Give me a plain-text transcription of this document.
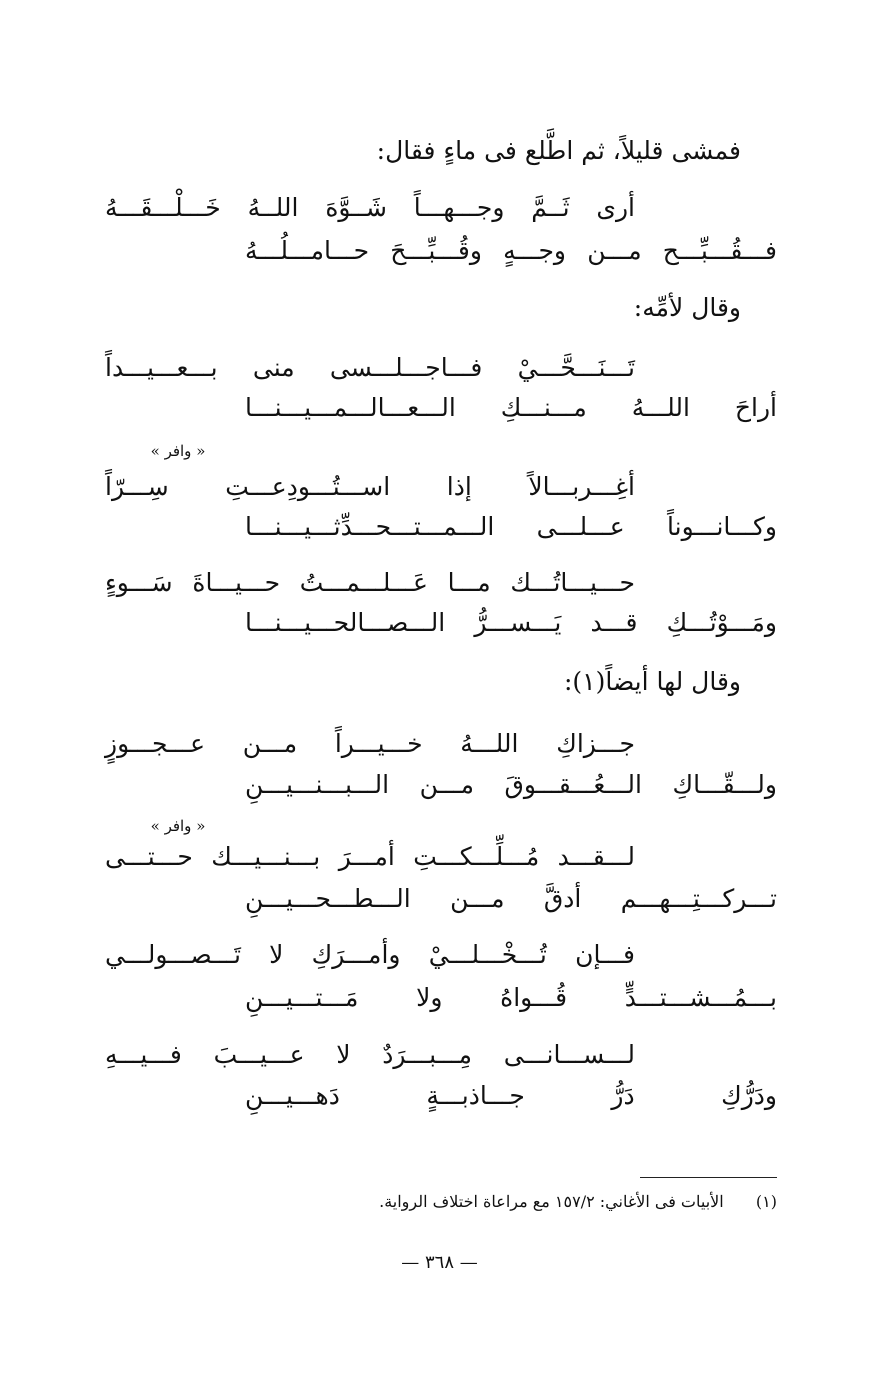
فمشى قليلاً، ثم اطَّلع فى ماءٍ فقال:
أرى ثَــمَّ وجـــهـــاً شَــوَّهَ اللــهُ خَـــلْـــقَـــهُ
فـــقُـــبِّـــح مـــن وجـــهٍ وقُـــبِّـــحَ حـــامـــلُـــهُ
وقال لأمِّه:
تَـــنَـــحَّـــيْ فـــاجـــلـــسى منى بـــعـــيـــداً
أراحَ اللـــهُ مـــنـــكِ الـــعـــالـــمـــيـــنـــا
« وافر »
أغِـــربـــالاً إذا اســـتُـــودِعـــتِ سِـــرّاً
وكـــانـــوناً عـــلـــى الـــمـــتـــحـــدِّثـــيـــنـــا
حـــيـــاتُـــك مـــا عَـــلـــمـــتُ حـــيـــاةَ سَـــوءٍ
ومَـــوْتُـــكِ قـــد يَـــســـرُّ الـــصـــالحـــيـــنـــا
وقال لها أيضاً(١):
جـــزاكِ اللـــهُ خـــيـــراً مـــن عـــجـــوزٍ
ولـــقّـــاكِ الـــعُـــقـــوقَ مـــن الـــبـــنـــيـــنِ
« وافر »
لـــقـــد مُـــلِّـــكـــتِ أمـــرَ بـــنـــيـــك حـــتـــى
تـــركـــتِـــهـــم أدقَّ مـــن الـــطـــحـــيـــنِ
فـــإن تُـــخْـــلـــيْ وأمـــرَكِ لا تَـــصـــولـــي
بـــمُـــشـــتـــدٍّ قُـــواهُ ولا مَـــتـــيـــنِ
لـــســـانـــى مِـــبـــرَدٌ لا عـــيـــبَ فـــيـــهِ
ودَرُّكِ دَرُّ جـــاذبـــةٍ دَهـــيـــنِ
(١)  الأبيات فى الأغاني: ١٥٧/٢ مع مراعاة اختلاف الرواية.
— ٣٦٨ —
